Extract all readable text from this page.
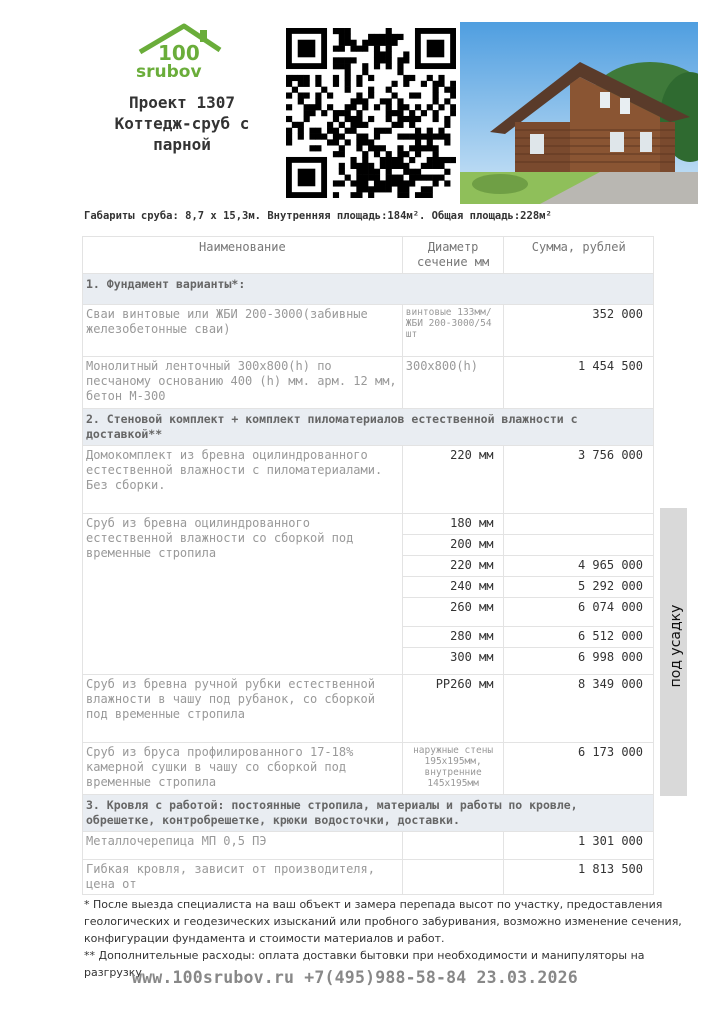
100
srubov
Проект 1307
Коттедж-сруб с
парной
Габариты сруба: 8,7 х 15,3м. Внутренняя площадь:184м². Общая площадь:228м²
Наименование	Диаметр сечение мм	Сумма, рублей
1. Фундамент варианты*:		
Сваи винтовые или ЖБИ 200-3000(забивные железобетонные сваи)	винтовые 133мм/ЖБИ 200-3000/54 шт	352 000
Монолитный ленточный 300х800(h) по песчаному основанию 400 (h) мм. арм. 12 мм, бетон М-300	300х800(h)	1 454 500
2. Стеновой комплект + комплект пиломатериалов естественной влажности с доставкой**		
Домокомплект из бревна оцилиндрованного естественной влажности с пиломатериалами. Без сборки.	220 мм	3 756 000
Сруб из бревна оцилиндрованного естественной влажности со сборкой под временные стропила	180 мм	
	200 мм	
	220 мм	4 965 000
	240 мм	5 292 000
	260 мм	6 074 000
	280 мм	6 512 000
	300 мм	6 998 000
Сруб из бревна ручной рубки естественной влажности в чашу под рубанок, со сборкой под временные стропила	РР260 мм	8 349 000
Сруб из бруса профилированного 17-18% камерной сушки в чашу со сборкой под временные стропила	наружные стены 195х195мм, внутренние 145х195мм	6 173 000
3. Кровля с работой: постоянные стропила, материалы и работы по кровле, обрешетке, контробрешетке, крюки водосточки, доставки.		
Металлочерепица МП 0,5 ПЭ		1 301 000
Гибкая кровля, зависит от производителя, цена от		1 813 500
под усадку
* После выезда специалиста на ваш объект и замера перепада высот по участку, предоставления геологических и геодезических изысканий или пробного забуривания, возможно изменение сечения, конфигурации фундамента и стоимости материалов и работ.
** Дополнительные расходы: оплата доставки бытовки при необходимости и манипуляторы на разгрузку.
www.100srubov.ru +7(495)988-58-84 23.03.2026
